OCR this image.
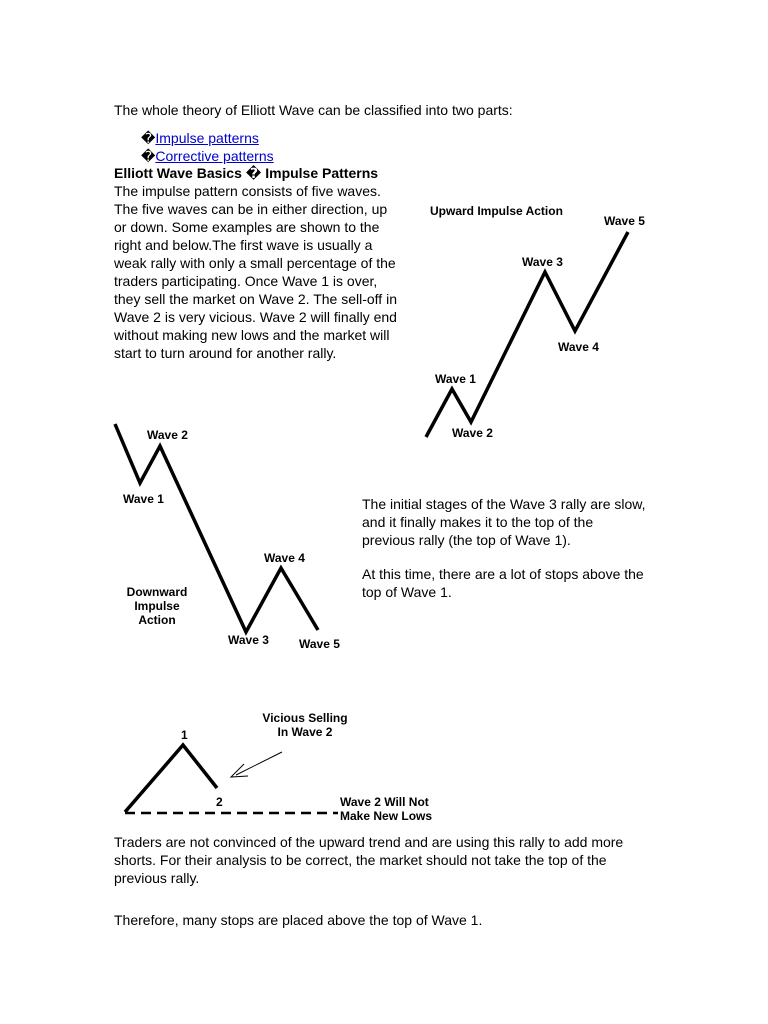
The whole theory of Elliott Wave can be classified into two parts:
�Impulse patterns
�Corrective patterns
Elliott Wave Basics � Impulse Patterns
The impulse pattern consists of five waves.
The five waves can be in either direction, up
or down. Some examples are shown to the
right and below.The first wave is usually a
weak rally with only a small percentage of the
traders participating. Once Wave 1 is over,
they sell the market on Wave 2. The sell-off in
Wave 2 is very vicious. Wave 2 will finally end
without making new lows and the market will
start to turn around for another rally.
Upward Impulse Action
Wave 1
Wave 2
Wave 3
Wave 4
Wave 5
Wave 2
Wave 1
Wave 4
Wave 3	Wave 5
Downward
Impulse
Action
The initial stages of the Wave 3 rally are slow,
and it finally makes it to the top of the
previous rally (the top of Wave 1).
At this time, there are a lot of stops above the
top of Wave 1.
Vicious Selling
In Wave 2
1
2	Wave 2 Will Not
Make New Lows
Traders are not convinced of the upward trend and are using this rally to add more
shorts. For their analysis to be correct, the market should not take the top of the
previous rally.
Therefore, many stops are placed above the top of Wave 1.
